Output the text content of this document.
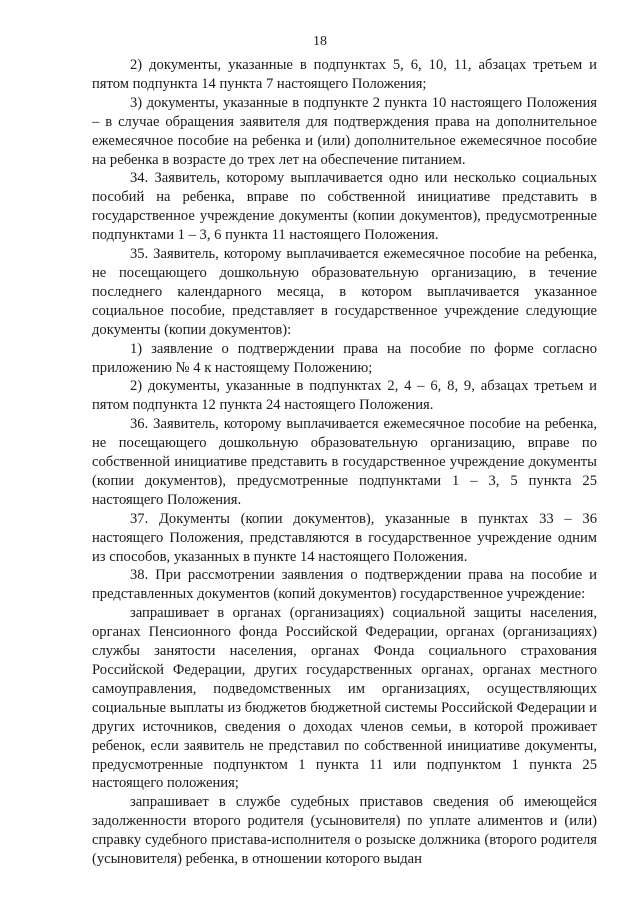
18

2) документы, указанные в подпунктах 5, 6, 10, 11, абзацах третьем и пятом подпункта 14 пункта 7 настоящего Положения;

3) документы, указанные в подпункте 2 пункта 10 настоящего Положения – в случае обращения заявителя для подтверждения права на дополнительное ежемесячное пособие на ребенка и (или) дополнительное ежемесячное пособие на ребенка в возрасте до трех лет на обеспечение питанием.

34. Заявитель, которому выплачивается одно или несколько социальных пособий на ребенка, вправе по собственной инициативе представить в государственное учреждение документы (копии документов), предусмотренные подпунктами 1 – 3, 6 пункта 11 настоящего Положения.

35. Заявитель, которому выплачивается ежемесячное пособие на ребенка, не посещающего дошкольную образовательную организацию, в течение последнего календарного месяца, в котором выплачивается указанное социальное пособие, представляет в государственное учреждение следующие документы (копии документов):

1) заявление о подтверждении права на пособие по форме согласно приложению № 4 к настоящему Положению;

2) документы, указанные в подпунктах 2, 4 – 6, 8, 9, абзацах третьем и пятом подпункта 12 пункта 24 настоящего Положения.

36. Заявитель, которому выплачивается ежемесячное пособие на ребенка, не посещающего дошкольную образовательную организацию, вправе по собственной инициативе представить в государственное учреждение документы (копии документов), предусмотренные подпунктами 1 – 3, 5 пункта 25 настоящего Положения.

37. Документы (копии документов), указанные в пунктах 33 – 36 настоящего Положения, представляются в государственное учреждение одним из способов, указанных в пункте 14 настоящего Положения.

38. При рассмотрении заявления о подтверждении права на пособие и представленных документов (копий документов) государственное учреждение:

запрашивает в органах (организациях) социальной защиты населения, органах Пенсионного фонда Российской Федерации, органах (организациях) службы занятости населения, органах Фонда социального страхования Российской Федерации, других государственных органах, органах местного самоуправления, подведомственных им организациях, осуществляющих социальные выплаты из бюджетов бюджетной системы Российской Федерации и других источников, сведения о доходах членов семьи, в которой проживает ребенок, если заявитель не представил по собственной инициативе документы, предусмотренные подпунктом 1 пункта 11 или подпунктом 1 пункта 25 настоящего положения;

запрашивает в службе судебных приставов сведения об имеющейся задолженности второго родителя (усыновителя) по уплате алиментов и (или) справку судебного пристава-исполнителя о розыске должника (второго родителя (усыновителя) ребенка, в отношении которого выдан
